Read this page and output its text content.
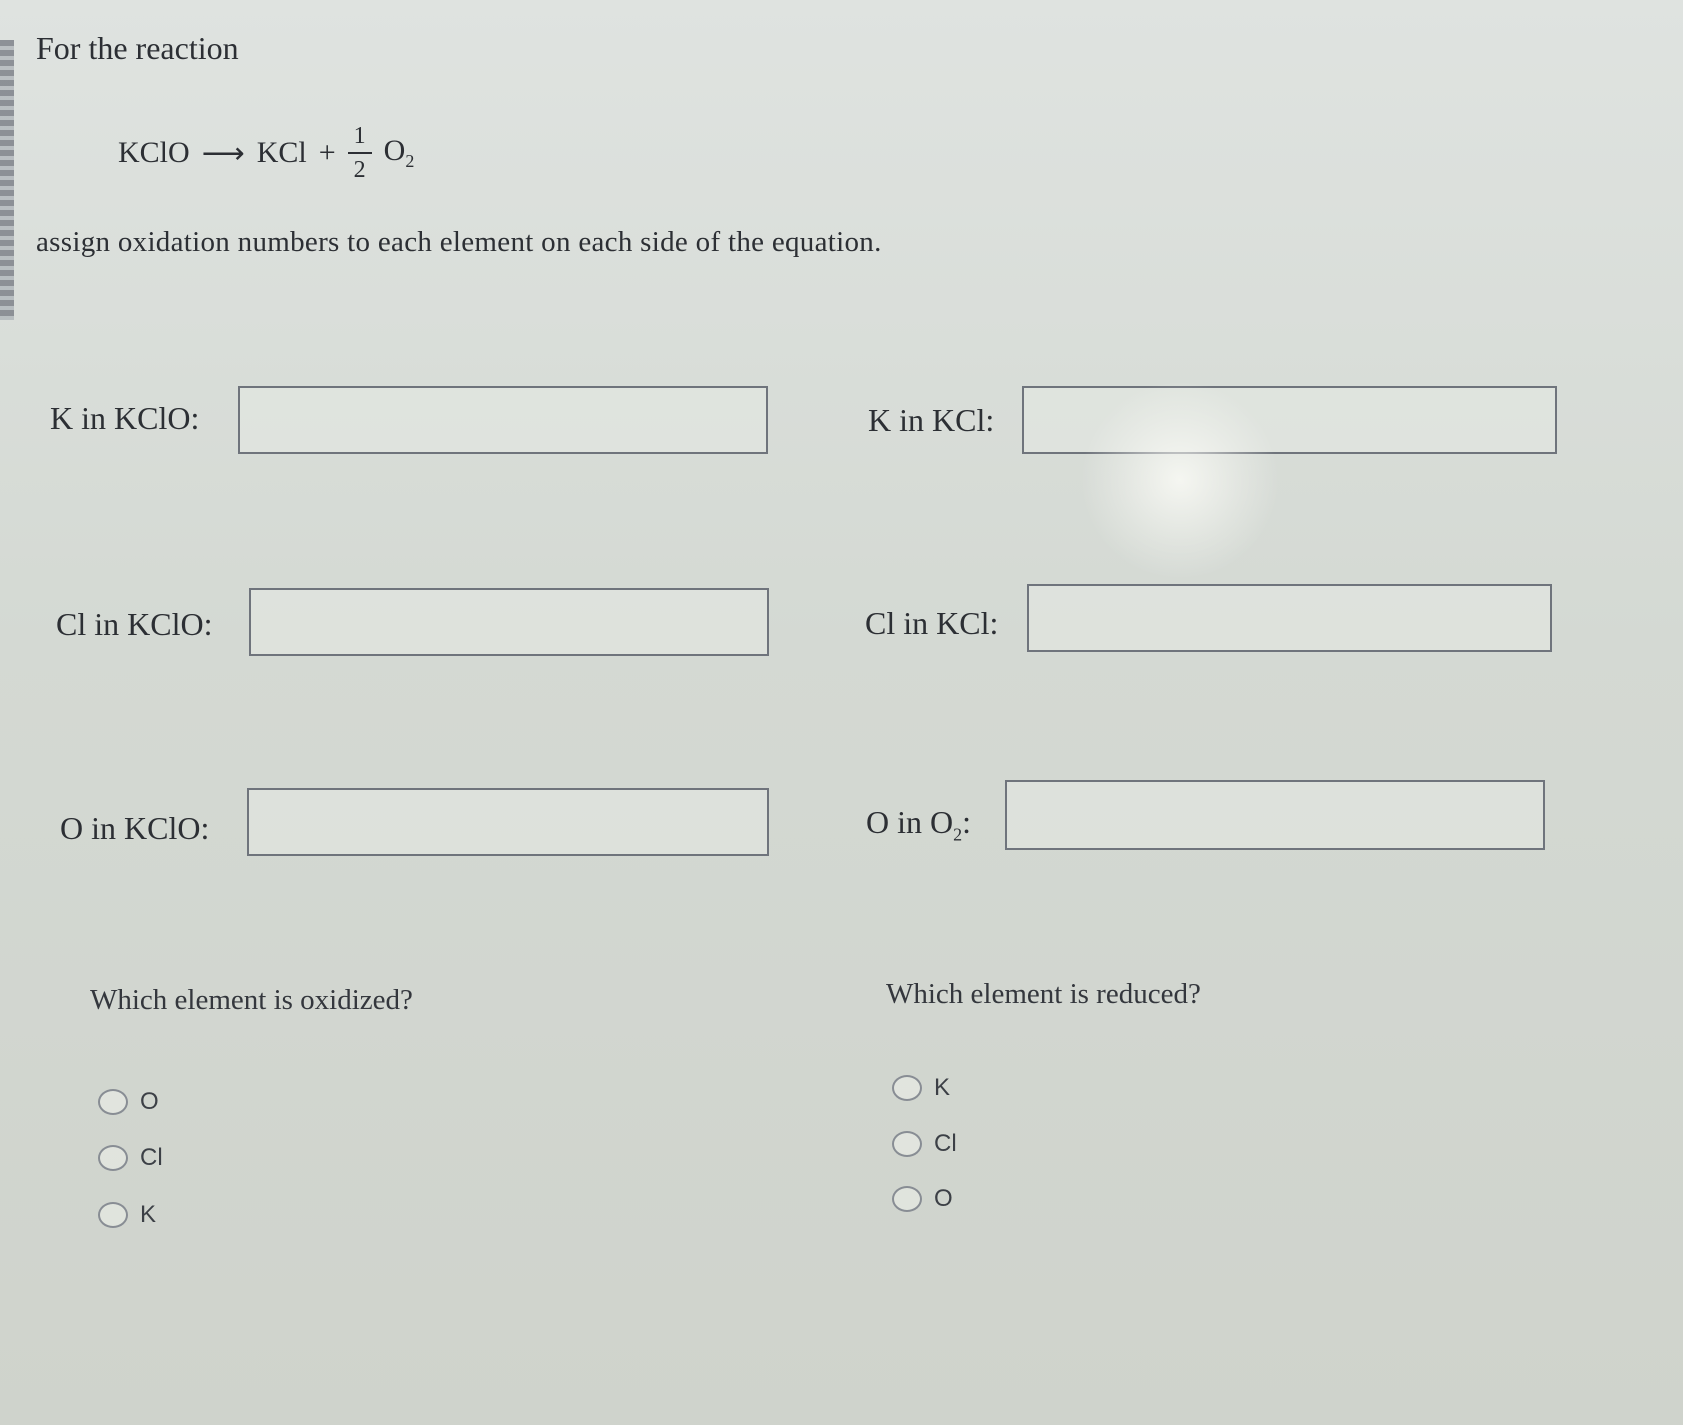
For the reaction
KClO ⟶ KCl + $\frac{1}{2} O_2$
assign oxidation numbers to each element on each side of the equation.
K in KClO:	K in KCl:
Cl in KClO:	Cl in KCl:
O in KClO:	O in $O_2$:
Which element is oxidized?	Which element is reduced?
O
Cl
K
K
Cl
O
